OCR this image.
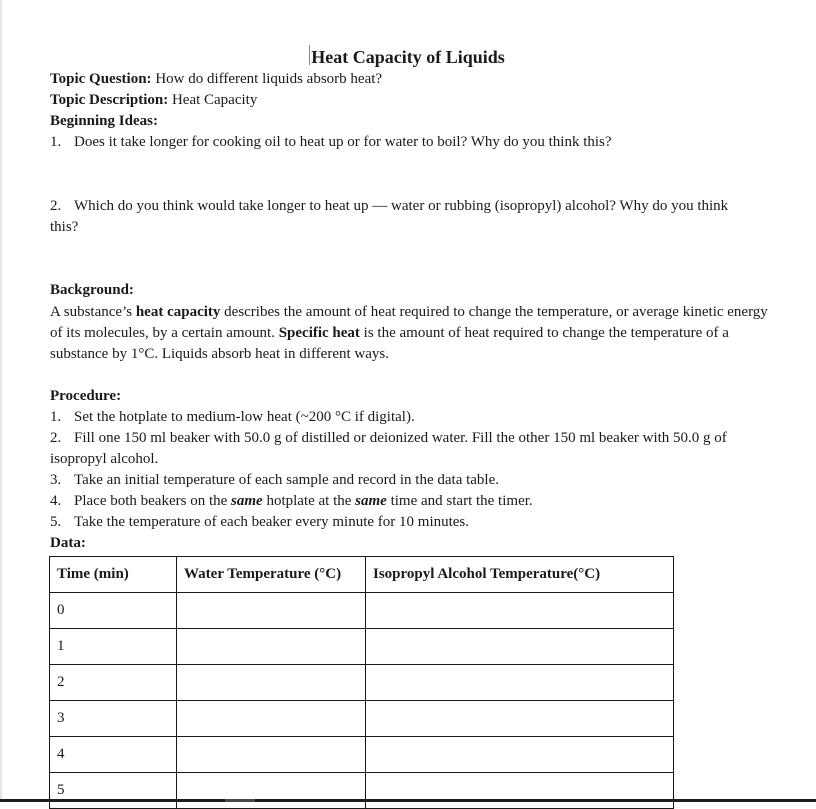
Heat Capacity of Liquids
Topic Question: How do different liquids absorb heat?
Topic Description: Heat Capacity
Beginning Ideas:
1. Does it take longer for cooking oil to heat up or for water to boil? Why do you think this?
2. Which do you think would take longer to heat up — water or rubbing (isopropyl) alcohol? Why do you think this?
Background:
A substance’s heat capacity describes the amount of heat required to change the temperature, or average kinetic energy of its molecules, by a certain amount. Specific heat is the amount of heat required to change the temperature of a substance by 1°C. Liquids absorb heat in different ways.
Procedure:
1. Set the hotplate to medium-low heat (~200 °C if digital).
2. Fill one 150 ml beaker with 50.0 g of distilled or deionized water. Fill the other 150 ml beaker with 50.0 g of isopropyl alcohol.
3. Take an initial temperature of each sample and record in the data table.
4. Place both beakers on the same hotplate at the same time and start the timer.
5. Take the temperature of each beaker every minute for 10 minutes.
Data:
Time (min)	Water Temperature (°C)	Isopropyl Alcohol Temperature(°C)
0		
1		
2		
3		
4		
5		
